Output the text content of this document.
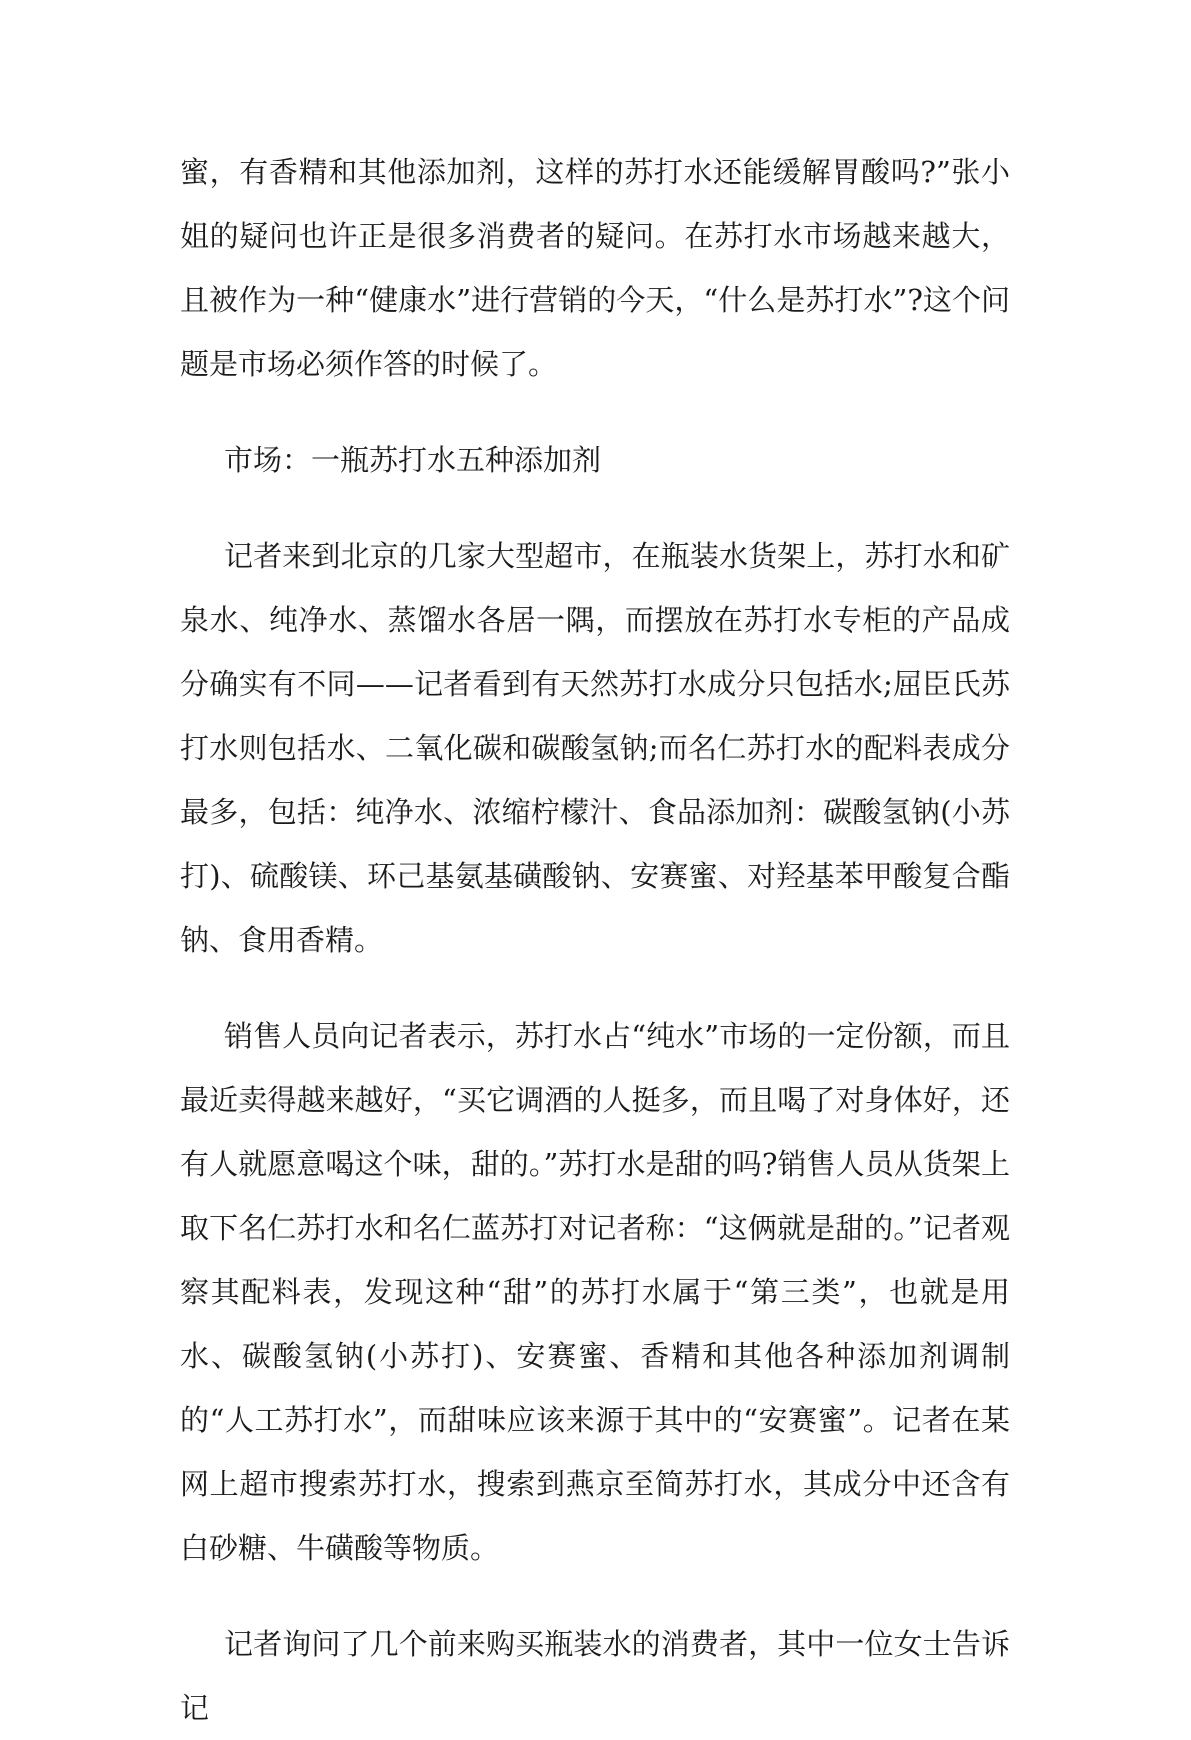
蜜，有香精和其他添加剂，这样的苏打水还能缓解胃酸吗?”张小姐的疑问也许正是很多消费者的疑问。在苏打水市场越来越大，且被作为一种“健康水”进行营销的今天，“什么是苏打水”?这个问题是市场必须作答的时候了。

市场：一瓶苏打水五种添加剂

记者来到北京的几家大型超市，在瓶装水货架上，苏打水和矿泉水、纯净水、蒸馏水各居一隅，而摆放在苏打水专柜的产品成分确实有不同——记者看到有天然苏打水成分只包括水;屈臣氏苏打水则包括水、二氧化碳和碳酸氢钠;而名仁苏打水的配料表成分最多，包括：纯净水、浓缩柠檬汁、食品添加剂：碳酸氢钠(小苏打)、硫酸镁、环己基氨基磺酸钠、安赛蜜、对羟基苯甲酸复合酯钠、食用香精。

销售人员向记者表示，苏打水占“纯水”市场的一定份额，而且最近卖得越来越好，“买它调酒的人挺多，而且喝了对身体好，还有人就愿意喝这个味，甜的。”苏打水是甜的吗?销售人员从货架上取下名仁苏打水和名仁蓝苏打对记者称：“这俩就是甜的。”记者观察其配料表，发现这种“甜”的苏打水属于“第三类”，也就是用水、碳酸氢钠(小苏打)、安赛蜜、香精和其他各种添加剂调制的“人工苏打水”，而甜味应该来源于其中的“安赛蜜”。记者在某网上超市搜索苏打水，搜索到燕京至简苏打水，其成分中还含有白砂糖、牛磺酸等物质。

记者询问了几个前来购买瓶装水的消费者，其中一位女士告诉记
